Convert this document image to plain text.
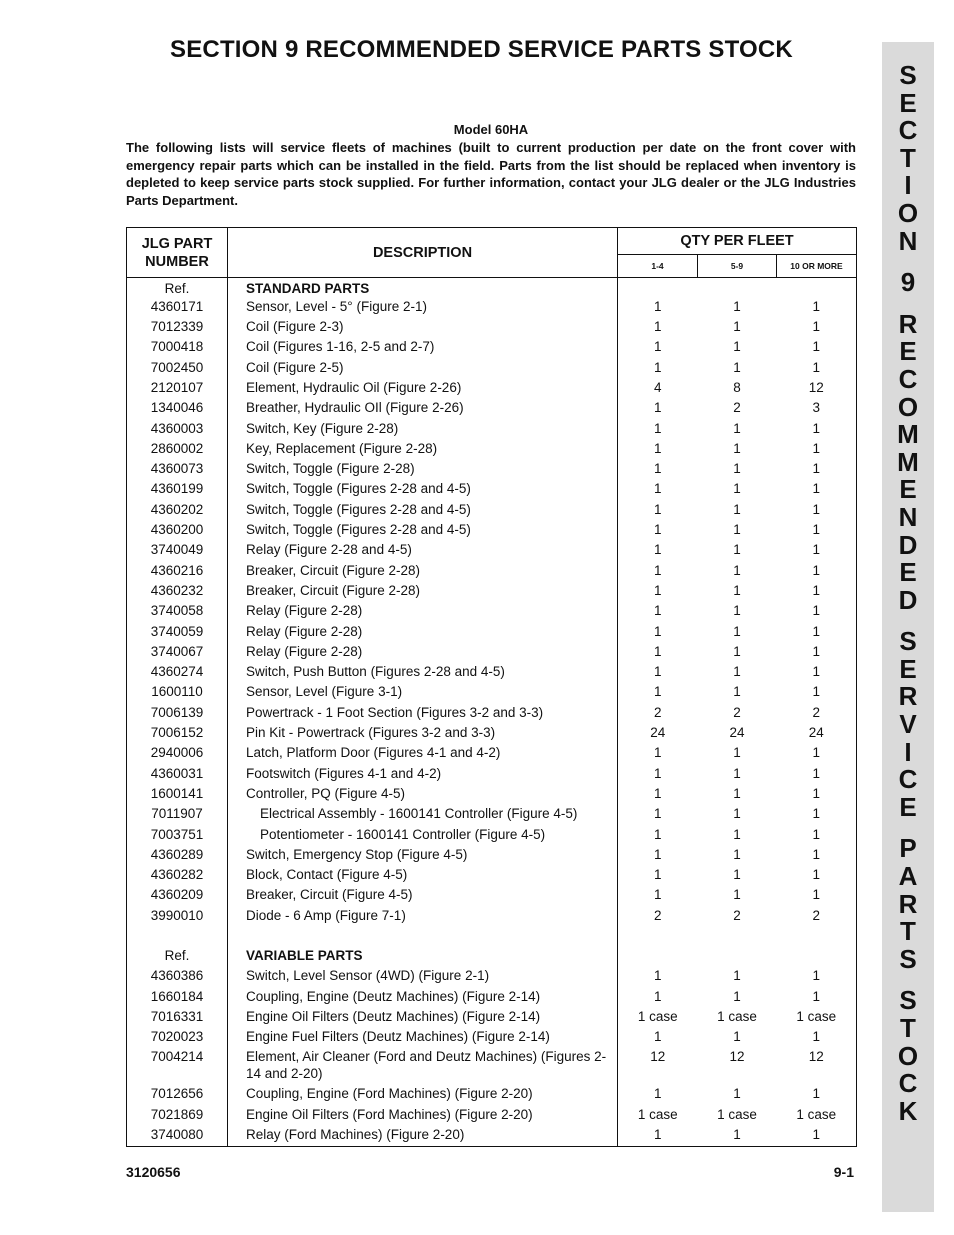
SECTION 9 RECOMMENDED SERVICE PARTS STOCK
S
E
C
T
I
O
N
9
R
E
C
O
M
M
E
N
D
E
D
S
E
R
V
I
C
E
P
A
R
T
S
S
T
O
C
K
Model 60HA
The following lists will service fleets of machines (built to current production per date on the front cover with emergency repair parts which can be installed in the field. Parts from the list should be replaced when inventory is depleted to keep service parts stock supplied. For further information, contact your JLG dealer or the JLG Industries Parts Department.
JLG PART
NUMBER	DESCRIPTION	QTY PER FLEET		
		1-4	5-9	10 OR MORE
Ref.	STANDARD PARTS			
4360171	Sensor, Level - 5° (Figure 2-1)	1	1	1
7012339	Coil (Figure 2-3)	1	1	1
7000418	Coil (Figures 1-16, 2-5 and 2-7)	1	1	1
7002450	Coil (Figure 2-5)	1	1	1
2120107	Element, Hydraulic Oil (Figure 2-26)	4	8	12
1340046	Breather, Hydraulic OIl (Figure 2-26)	1	2	3
4360003	Switch, Key (Figure 2-28)	1	1	1
2860002	Key, Replacement (Figure 2-28)	1	1	1
4360073	Switch, Toggle (Figure 2-28)	1	1	1
4360199	Switch, Toggle (Figures 2-28 and 4-5)	1	1	1
4360202	Switch, Toggle (Figures 2-28 and 4-5)	1	1	1
4360200	Switch, Toggle (Figures 2-28 and 4-5)	1	1	1
3740049	Relay (Figure 2-28 and 4-5)	1	1	1
4360216	Breaker, Circuit (Figure 2-28)	1	1	1
4360232	Breaker, Circuit (Figure 2-28)	1	1	1
3740058	Relay (Figure 2-28)	1	1	1
3740059	Relay (Figure 2-28)	1	1	1
3740067	Relay (Figure 2-28)	1	1	1
4360274	Switch, Push Button (Figures 2-28 and 4-5)	1	1	1
1600110	Sensor, Level (Figure 3-1)	1	1	1
7006139	Powertrack - 1 Foot Section (Figures 3-2 and 3-3)	2	2	2
7006152	Pin Kit - Powertrack (Figures 3-2 and 3-3)	24	24	24
2940006	Latch, Platform Door (Figures 4-1 and 4-2)	1	1	1
4360031	Footswitch (Figures 4-1 and 4-2)	1	1	1
1600141	Controller, PQ (Figure 4-5)	1	1	1
7011907	Electrical Assembly - 1600141 Controller (Figure 4-5)	1	1	1
7003751	Potentiometer - 1600141 Controller (Figure 4-5)	1	1	1
4360289	Switch, Emergency Stop (Figure 4-5)	1	1	1
4360282	Block, Contact (Figure 4-5)	1	1	1
4360209	Breaker, Circuit (Figure 4-5)	1	1	1
3990010	Diode - 6 Amp (Figure 7-1)	2	2	2

Ref.	VARIABLE PARTS			
4360386	Switch, Level Sensor (4WD) (Figure 2-1)	1	1	1
1660184	Coupling, Engine (Deutz Machines) (Figure 2-14)	1	1	1
7016331	Engine Oil Filters (Deutz Machines) (Figure 2-14)	1 case	1 case	1 case
7020023	Engine Fuel Filters (Deutz Machines) (Figure 2-14)	1	1	1
7004214	Element, Air Cleaner (Ford and Deutz Machines) (Figures 2-14 and 2-20)	12	12	12
7012656	Coupling, Engine (Ford Machines) (Figure 2-20)	1	1	1
7021869	Engine Oil Filters (Ford Machines) (Figure 2-20)	1 case	1 case	1 case
3740080	Relay (Ford Machines) (Figure 2-20)	1	1	1
3120656	9-1
